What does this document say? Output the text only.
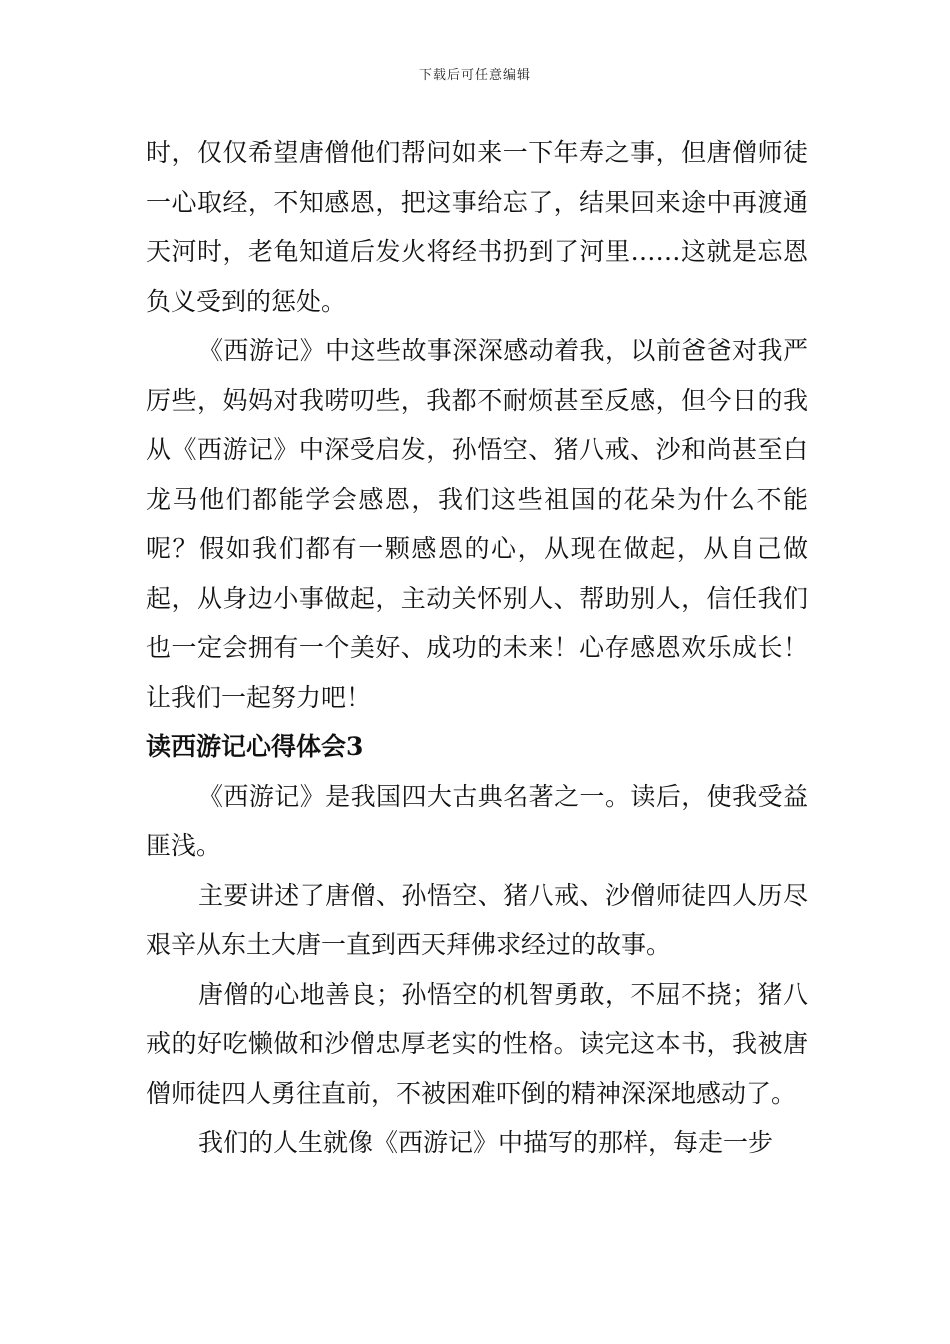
下载后可任意编辑

时，仅仅希望唐僧他们帮问如来一下年寿之事，但唐僧师徒一心取经，不知感恩，把这事给忘了，结果回来途中再渡通天河时，老龟知道后发火将经书扔到了河里……这就是忘恩负义受到的惩处。

《西游记》中这些故事深深感动着我，以前爸爸对我严厉些，妈妈对我唠叨些，我都不耐烦甚至反感，但今日的我从《西游记》中深受启发，孙悟空、猪八戒、沙和尚甚至白龙马他们都能学会感恩，我们这些祖国的花朵为什么不能呢？假如我们都有一颗感恩的心，从现在做起，从自己做起，从身边小事做起，主动关怀别人、帮助别人，信任我们也一定会拥有一个美好、成功的未来！心存感恩欢乐成长！让我们一起努力吧！

读西游记心得体会3

《西游记》是我国四大古典名著之一。读后，使我受益匪浅。

主要讲述了唐僧、孙悟空、猪八戒、沙僧师徒四人历尽艰辛从东土大唐一直到西天拜佛求经过的故事。

唐僧的心地善良；孙悟空的机智勇敢，不屈不挠；猪八戒的好吃懒做和沙僧忠厚老实的性格。读完这本书，我被唐僧师徒四人勇往直前，不被困难吓倒的精神深深地感动了。

我们的人生就像《西游记》中描写的那样，每走一步
